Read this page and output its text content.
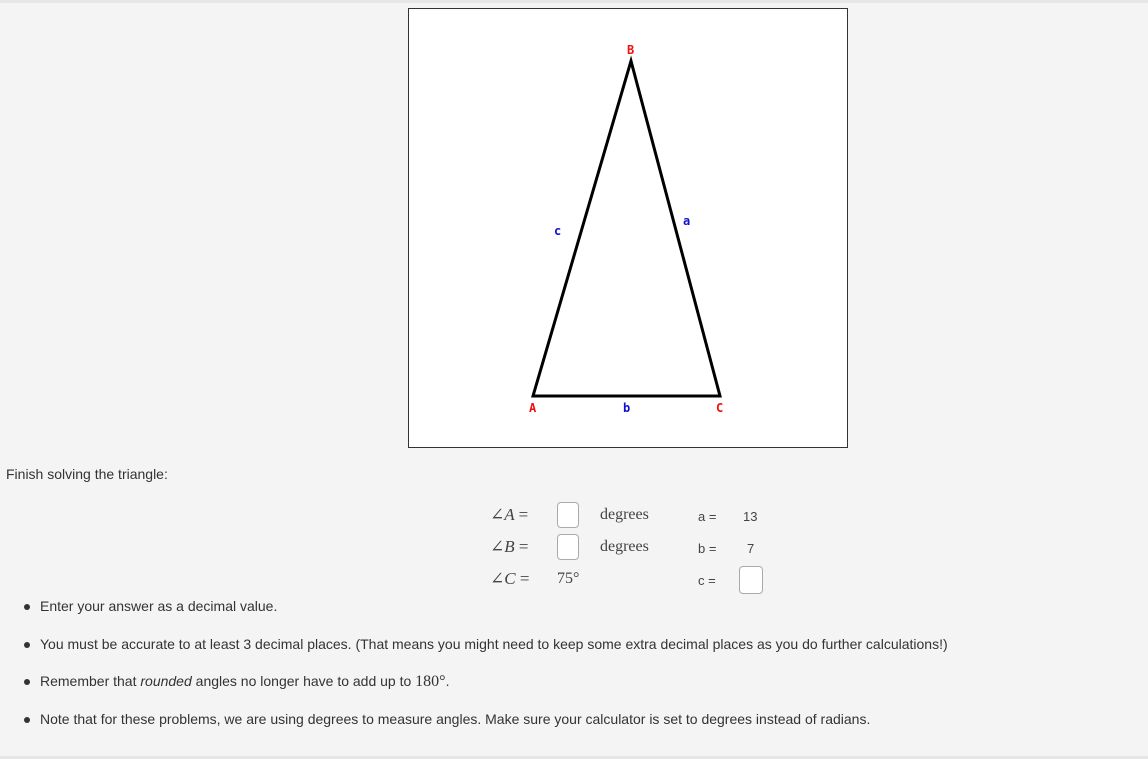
B
A	C
a
c
b
Finish solving the triangle:
∠A =	degrees
∠B =	degrees
∠C =	75°
a = 13
b = 7
c =
Enter your answer as a decimal value.
You must be accurate to at least 3 decimal places. (That means you might need to keep some extra decimal places as you do further calculations!)
Remember that rounded angles no longer have to add up to 180°.
Note that for these problems, we are using degrees to measure angles. Make sure your calculator is set to degrees instead of radians.
